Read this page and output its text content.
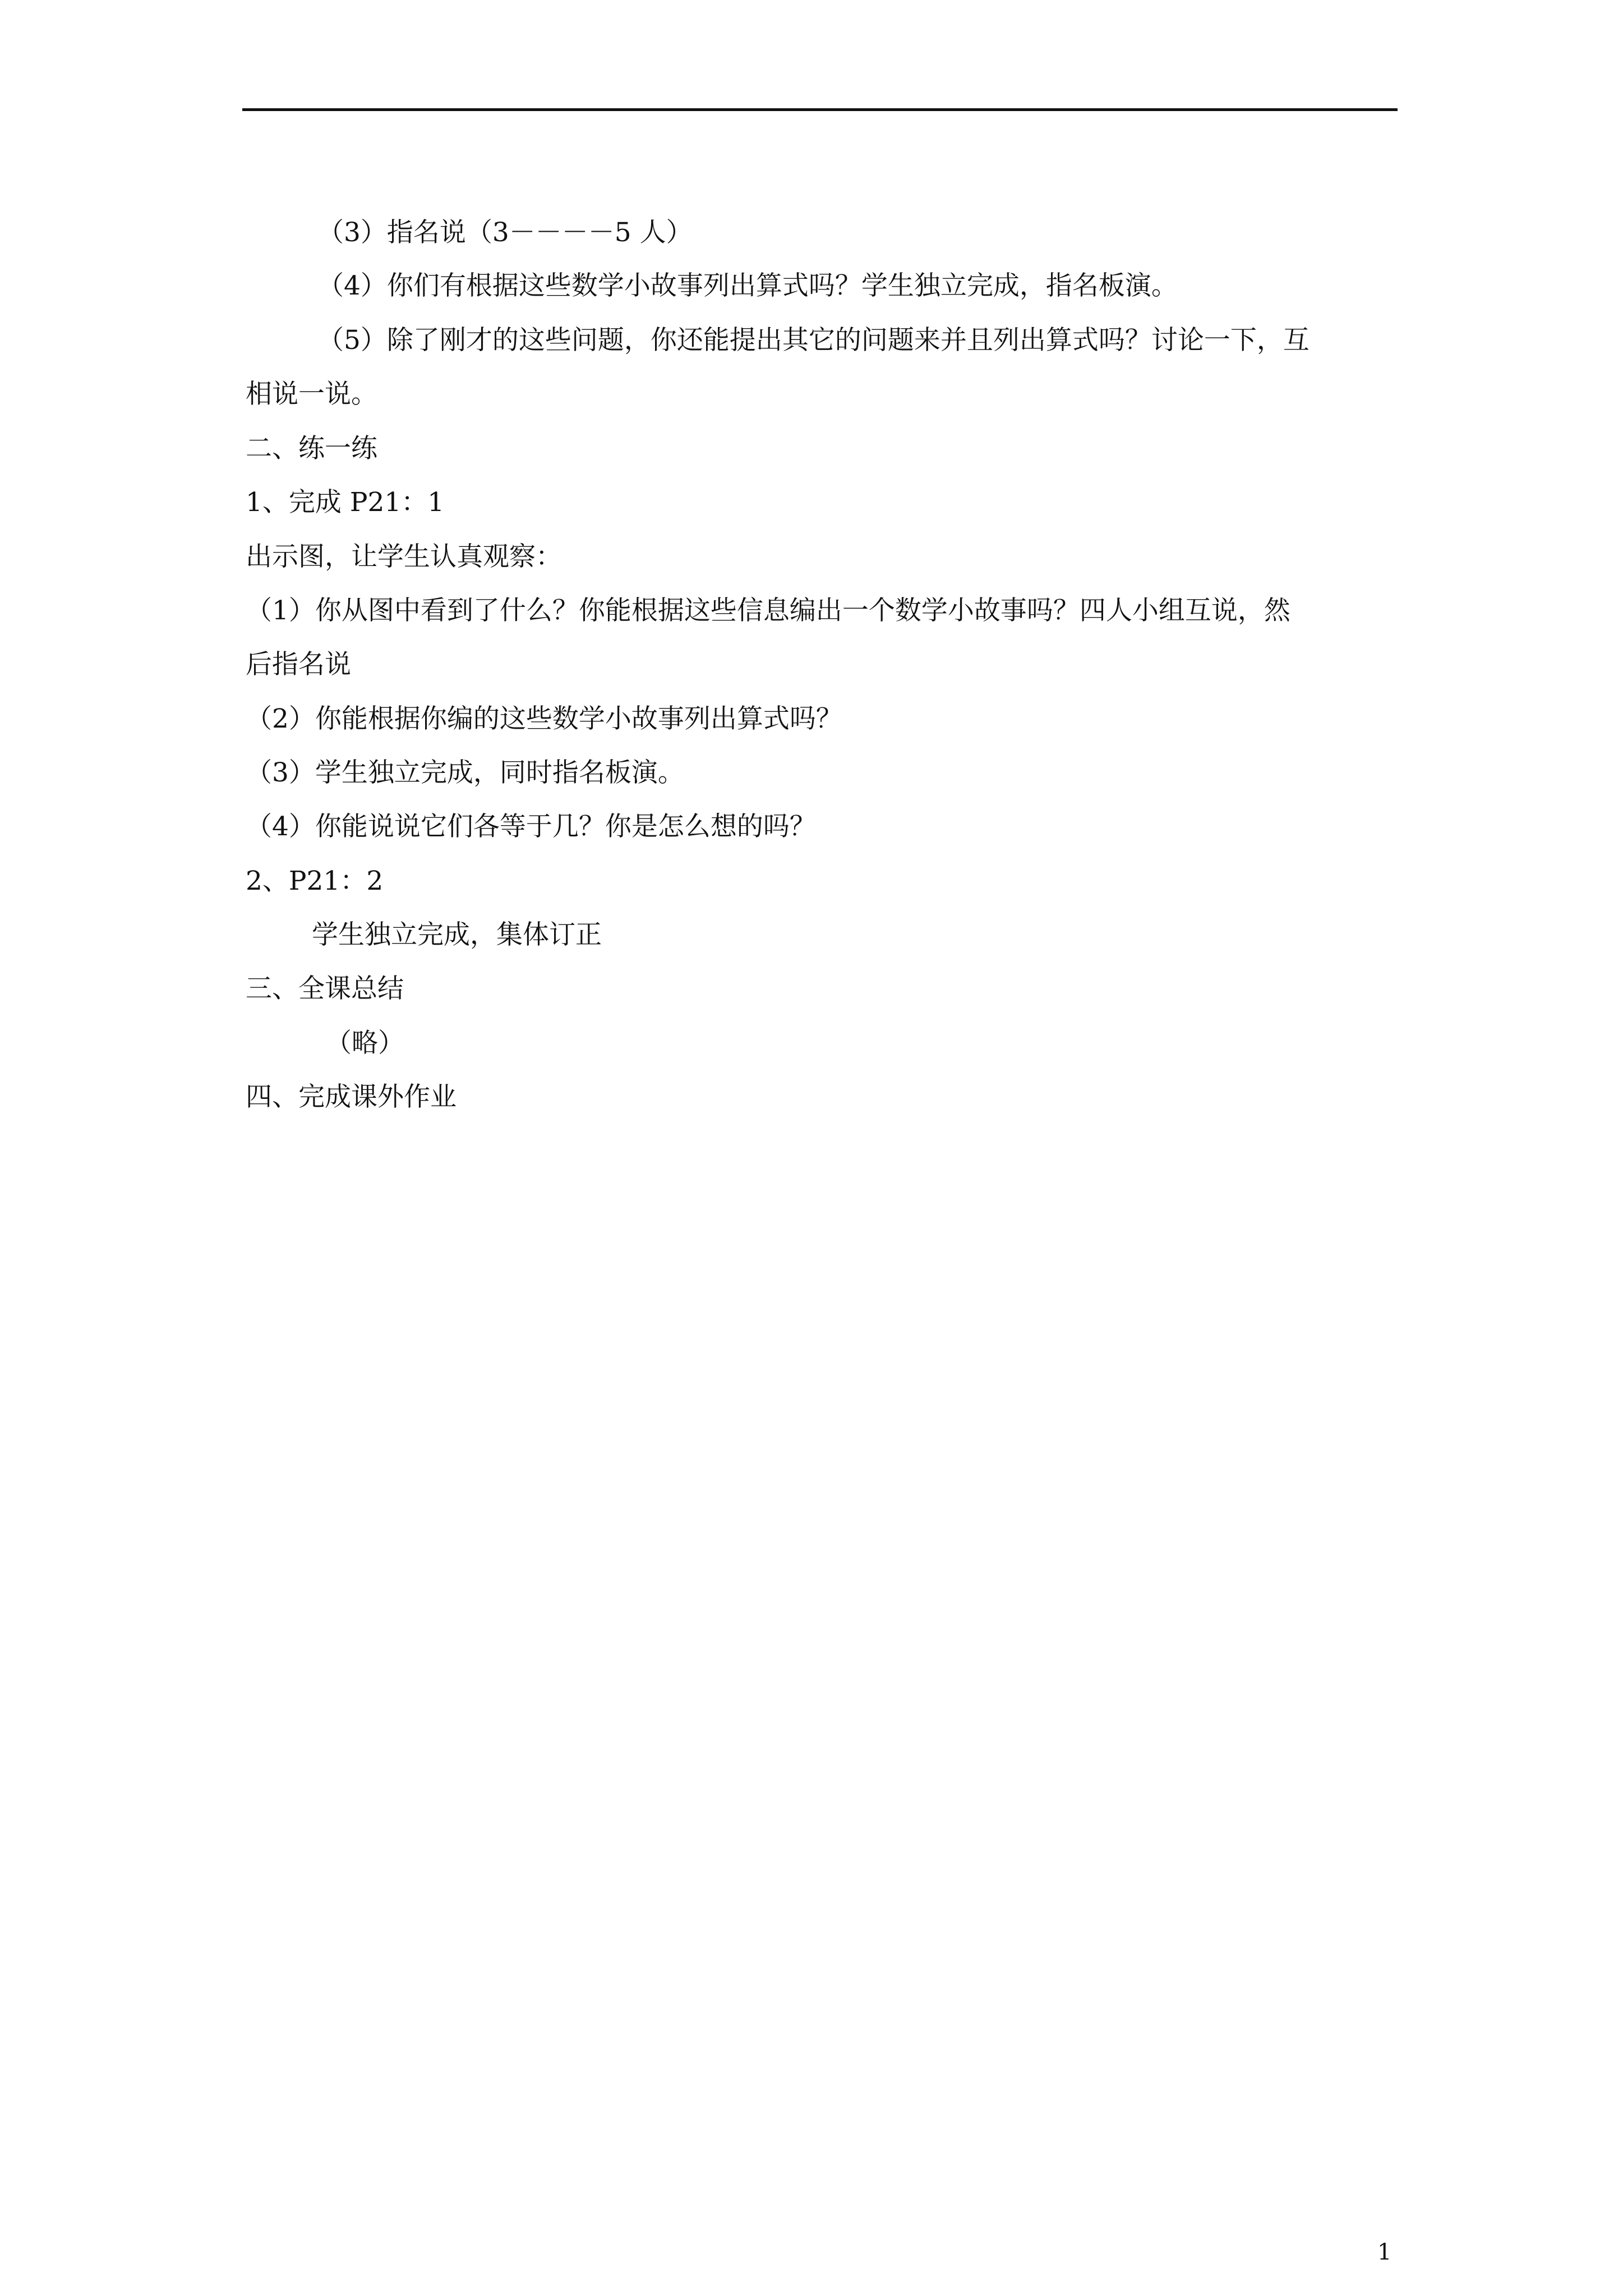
（3）指名说（3－－－－5 人）
（4）你们有根据这些数学小故事列出算式吗？学生独立完成，指名板演。
（5）除了刚才的这些问题，你还能提出其它的问题来并且列出算式吗？讨论一下，互
相说一说。
二、练一练
1、完成 P21：1
出示图，让学生认真观察：
（1）你从图中看到了什么？你能根据这些信息编出一个数学小故事吗？四人小组互说，然
后指名说
（2）你能根据你编的这些数学小故事列出算式吗？
（3）学生独立完成，同时指名板演。
（4）你能说说它们各等于几？你是怎么想的吗？
2、P21：2
学生独立完成，集体订正
三、全课总结
（略）
四、完成课外作业
1
